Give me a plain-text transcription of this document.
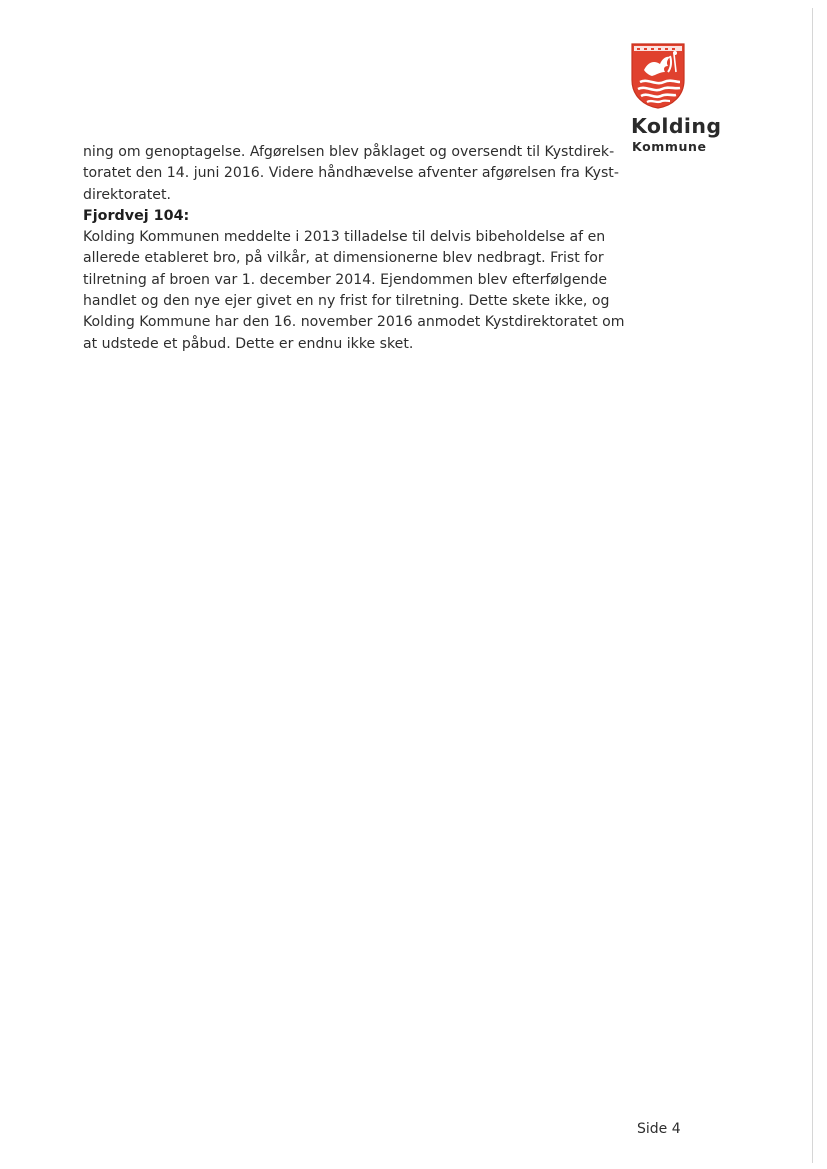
Kolding
Kommune

ning om genoptagelse. Afgørelsen blev påklaget og oversendt til Kystdirek-

toratet den 14. juni 2016. Videre håndhævelse afventer afgørelsen fra Kyst-

direktoratet.

Fjordvej 104:

Kolding Kommunen meddelte i 2013 tilladelse til delvis bibeholdelse af en

allerede etableret bro, på vilkår, at dimensionerne blev nedbragt. Frist for

tilretning af broen var 1. december 2014. Ejendommen blev efterfølgende

handlet og den nye ejer givet en ny frist for tilretning. Dette skete ikke, og

Kolding Kommune har den 16. november 2016 anmodet Kystdirektoratet om

at udstede et påbud. Dette er endnu ikke sket.

Side 4
